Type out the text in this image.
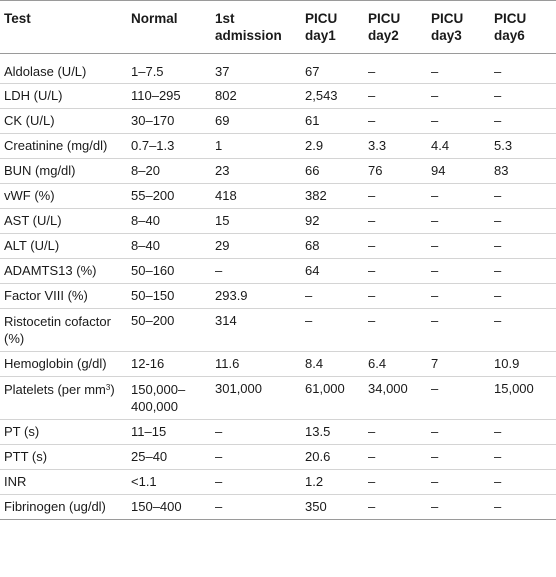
Test	Normal	1st admission	PICU day1	PICU day2	PICU day3	PICU day6
Aldolase (U/L)	1–7.5	37	67	–	–	–
LDH (U/L)	110–295	802	2,543	–	–	–
CK (U/L)	30–170	69	61	–	–	–
Creatinine (mg/dl)	0.7–1.3	1	2.9	3.3	4.4	5.3
BUN (mg/dl)	8–20	23	66	76	94	83
vWF (%)	55–200	418	382	–	–	–
AST (U/L)	8–40	15	92	–	–	–
ALT (U/L)	8–40	29	68	–	–	–
ADAMTS13 (%)	50–160	–	64	–	–	–
Factor VIII (%)	50–150	293.9	–	–	–	–
Ristocetin cofactor (%)	50–200	314	–	–	–	–
Hemoglobin (g/dl)	12-16	11.6	8.4	6.4	7	10.9
Platelets (per $mm^3$)	150,000–400,000	301,000	61,000	34,000	–	15,000
PT (s)	11–15	–	13.5	–	–	–
PTT (s)	25–40	–	20.6	–	–	–
INR	<1.1	–	1.2	–	–	–
Fibrinogen (ug/dl)	150–400	–	350	–	–	–
